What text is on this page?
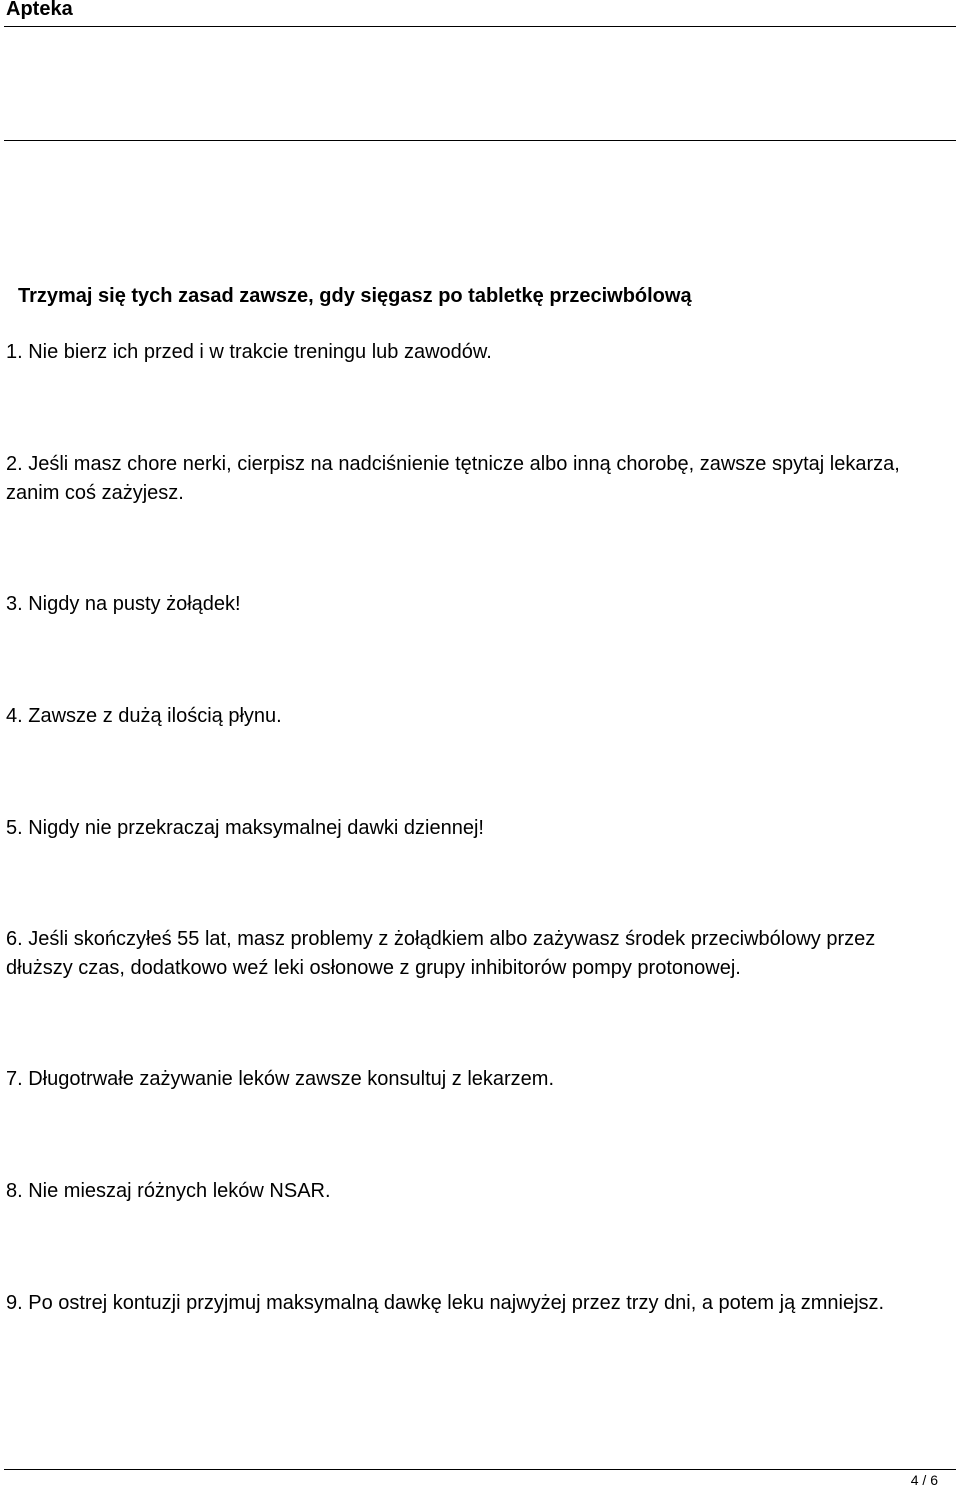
Apteka
Trzymaj się tych zasad zawsze, gdy sięgasz po tabletkę przeciwbólową
1. Nie bierz ich przed i w trakcie treningu lub zawodów.
2. Jeśli masz chore nerki, cierpisz na nadciśnienie tętnicze albo inną chorobę, zawsze spytaj lekarza, zanim coś zażyjesz.
3. Nigdy na pusty żołądek!
4. Zawsze z dużą ilością płynu.
5. Nigdy nie przekraczaj maksymalnej dawki dziennej!
6. Jeśli skończyłeś 55 lat, masz problemy z żołądkiem albo zażywasz środek przeciwbólowy przez dłuższy czas, dodatkowo weź leki osłonowe z grupy inhibitorów pompy protonowej.
7. Długotrwałe zażywanie leków zawsze konsultuj z lekarzem.
8. Nie mieszaj różnych leków NSAR.
9. Po ostrej kontuzji przyjmuj maksymalną dawkę leku najwyżej przez trzy dni, a potem ją zmniejsz.
4 / 6
